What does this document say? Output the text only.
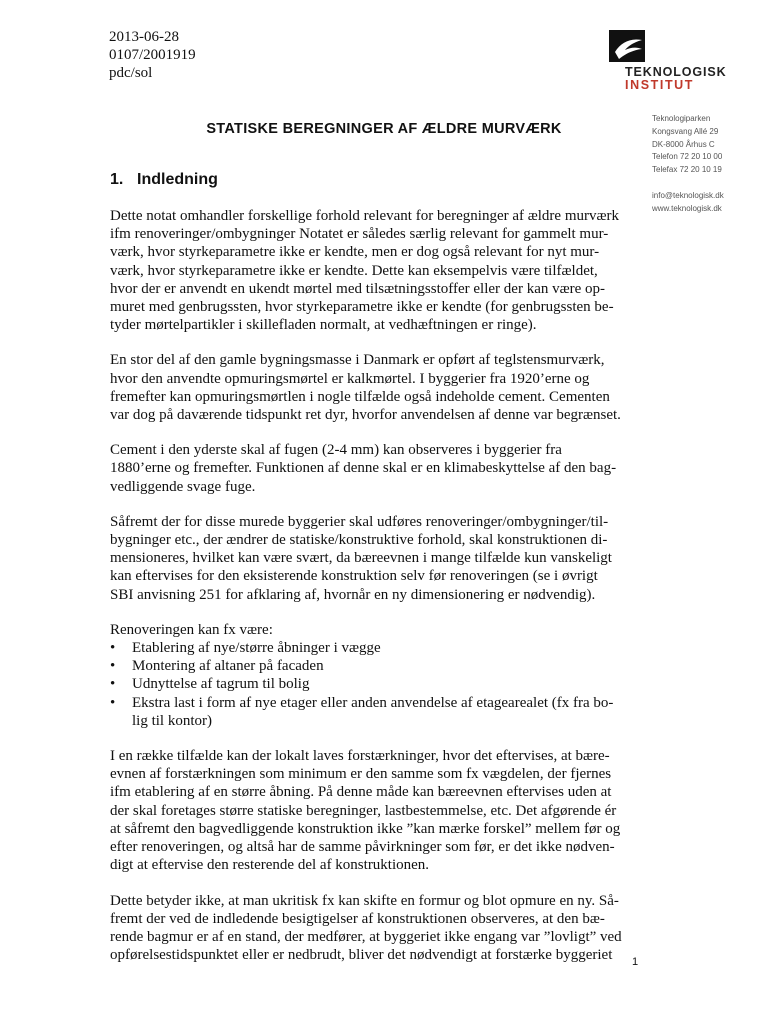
2013-06-28
0107/2001919
pdc/sol	TEKNOLOGISK
INSTITUT
Teknologiparken
Kongsvang Allé 29
DK-8000 Århus C
Telefon 72 20 10 00
Telefax 72 20 10 19
info@teknologisk.dk
www.teknologisk.dk
STATISKE BEREGNINGER AF ÆLDRE MURVÆRK
1. Indledning

Dette notat omhandler forskellige forhold relevant for beregninger af ældre murværk
ifm renoveringer/ombygninger Notatet er således særlig relevant for gammelt mur-
værk, hvor styrkeparametre ikke er kendte, men er dog også relevant for nyt mur-
værk, hvor styrkeparametre ikke er kendte. Dette kan eksempelvis være tilfældet,
hvor der er anvendt en ukendt mørtel med tilsætningsstoffer eller der kan være op-
muret med genbrugssten, hvor styrkeparametre ikke er kendte (for genbrugssten be-
tyder mørtelpartikler i skillefladen normalt, at vedhæftningen er ringe).

En stor del af den gamle bygningsmasse i Danmark er opført af teglstensmurværk,
hvor den anvendte opmuringsmørtel er kalkmørtel. I byggerier fra 1920’erne og
fremefter kan opmuringsmørtlen i nogle tilfælde også indeholde cement. Cementen
var dog på daværende tidspunkt ret dyr, hvorfor anvendelsen af denne var begrænset.

Cement i den yderste skal af fugen (2-4 mm) kan observeres i byggerier fra
1880’erne og fremefter. Funktionen af denne skal er en klimabeskyttelse af den bag-
vedliggende svage fuge.

Såfremt der for disse murede byggerier skal udføres renoveringer/ombygninger/til-
bygninger etc., der ændrer de statiske/konstruktive forhold, skal konstruktionen di-
mensioneres, hvilket kan være svært, da bæreevnen i mange tilfælde kun vanskeligt
kan eftervises for den eksisterende konstruktion selv før renoveringen (se i øvrigt
SBI anvisning 251 for afklaring af, hvornår en ny dimensionering er nødvendig).

Renoveringen kan fx være:

• Etablering af nye/større åbninger i vægge
• Montering af altaner på facaden
• Udnyttelse af tagrum til bolig
• Ekstra last i form af nye etager eller anden anvendelse af etagearealet (fx fra bo-
lig til kontor)

I en række tilfælde kan der lokalt laves forstærkninger, hvor det eftervises, at bære-
evnen af forstærkningen som minimum er den samme som fx vægdelen, der fjernes
ifm etablering af en større åbning. På denne måde kan bæreevnen eftervises uden at
der skal foretages større statiske beregninger, lastbestemmelse, etc. Det afgørende ér
at såfremt den bagvedliggende konstruktion ikke ”kan mærke forskel” mellem før og
efter renoveringen, og altså har de samme påvirkninger som før, er det ikke nødven-
digt at eftervise den resterende del af konstruktionen.

Dette betyder ikke, at man ukritisk fx kan skifte en formur og blot opmure en ny. Så-
fremt der ved de indledende besigtigelser af konstruktionen observeres, at den bæ-
rende bagmur er af en stand, der medfører, at byggeriet ikke engang var ”lovligt” ved
opførelsestidspunktet eller er nedbrudt, bliver det nødvendigt at forstærke byggeriet	1
